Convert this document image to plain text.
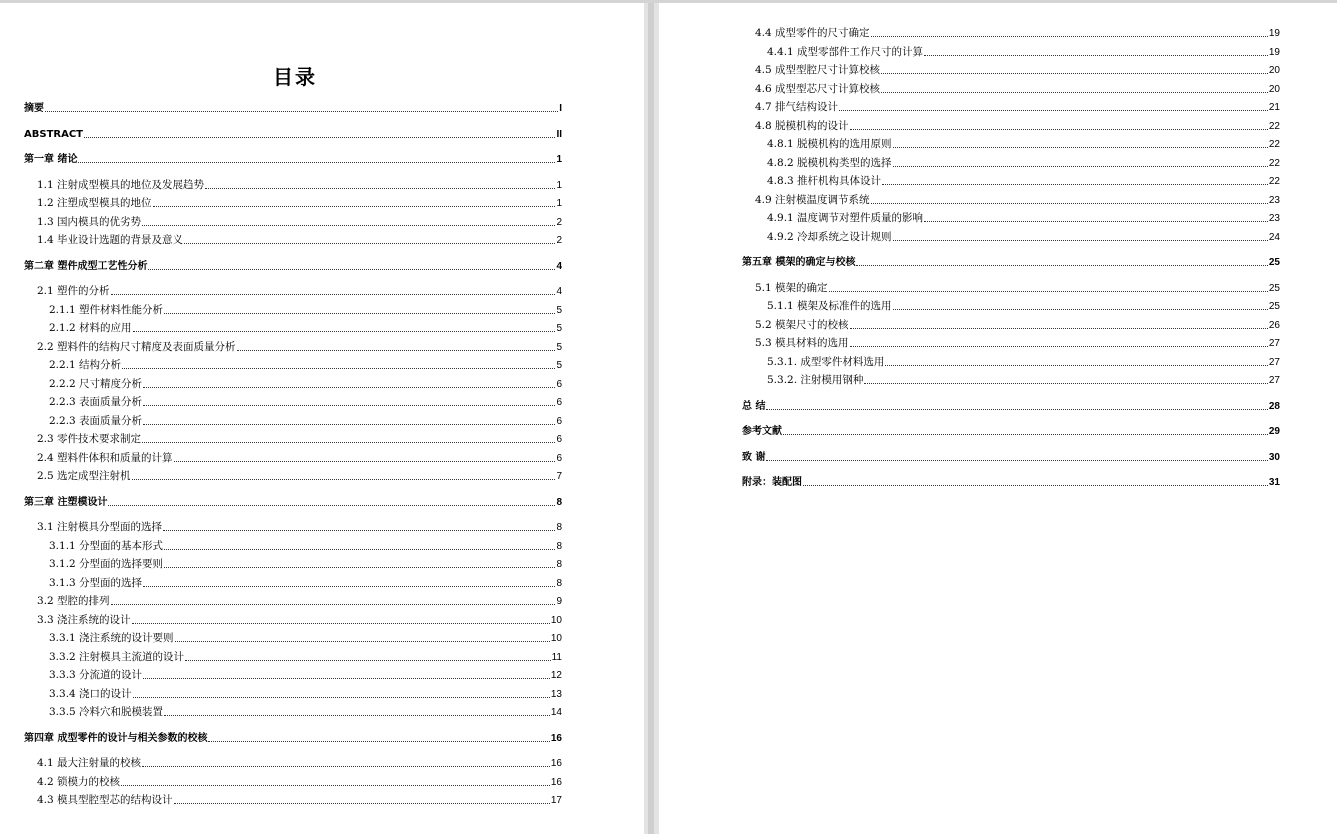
目录
摘要	I
ABSTRACT	II
第一章 绪论	1
1.1 注射成型模具的地位及发展趋势	1
1.2 注塑成型模具的地位	1
1.3 国内模具的优劣势	2
1.4 毕业设计选题的背景及意义	2
第二章 塑件成型工艺性分析	4
2.1 塑件的分析	4
2.1.1 塑件材料性能分析	5
2.1.2 材料的应用	5
2.2 塑料件的结构尺寸精度及表面质量分析	5
2.2.1 结构分析	5
2.2.2 尺寸精度分析	6
2.2.3 表面质量分析	6
2.2.3 表面质量分析	6
2.3 零件技术要求制定	6
2.4 塑料件体积和质量的计算	6
2.5 选定成型注射机	7
第三章 注塑模设计	8
3.1 注射模具分型面的选择	8
3.1.1 分型面的基本形式	8
3.1.2 分型面的选择要则	8
3.1.3 分型面的选择	8
3.2 型腔的排列	9
3.3 浇注系统的设计	10
3.3.1 浇注系统的设计要则	10
3.3.2 注射模具主流道的设计	11
3.3.3 分流道的设计	12
3.3.4 浇口的设计	13
3.3.5 冷料穴和脱模装置	14
第四章 成型零件的设计与相关参数的校核	16
4.1 最大注射量的校核	16
4.2 锁模力的校核	16
4.3 模具型腔型芯的结构设计	17
4.4 成型零件的尺寸确定	19
4.4.1 成型零部件工作尺寸的计算	19
4.5 成型型腔尺寸计算校核	20
4.6 成型型芯尺寸计算校核	20
4.7 排气结构设计	21
4.8 脱模机构的设计	22
4.8.1 脱模机构的选用原则	22
4.8.2 脱模机构类型的选择	22
4.8.3 推杆机构具体设计	22
4.9 注射模温度调节系统	23
4.9.1 温度调节对塑件质量的影响	23
4.9.2 冷却系统之设计规则	24
第五章 模架的确定与校核	25
5.1 模架的确定	25
5.1.1 模架及标准件的选用	25
5.2 模架尺寸的校核	26
5.3 模具材料的选用	27
5.3.1. 成型零件材料选用	27
5.3.2. 注射模用钢种	27
总 结	28
参考文献	29
致 谢	30
附录：装配图	31
